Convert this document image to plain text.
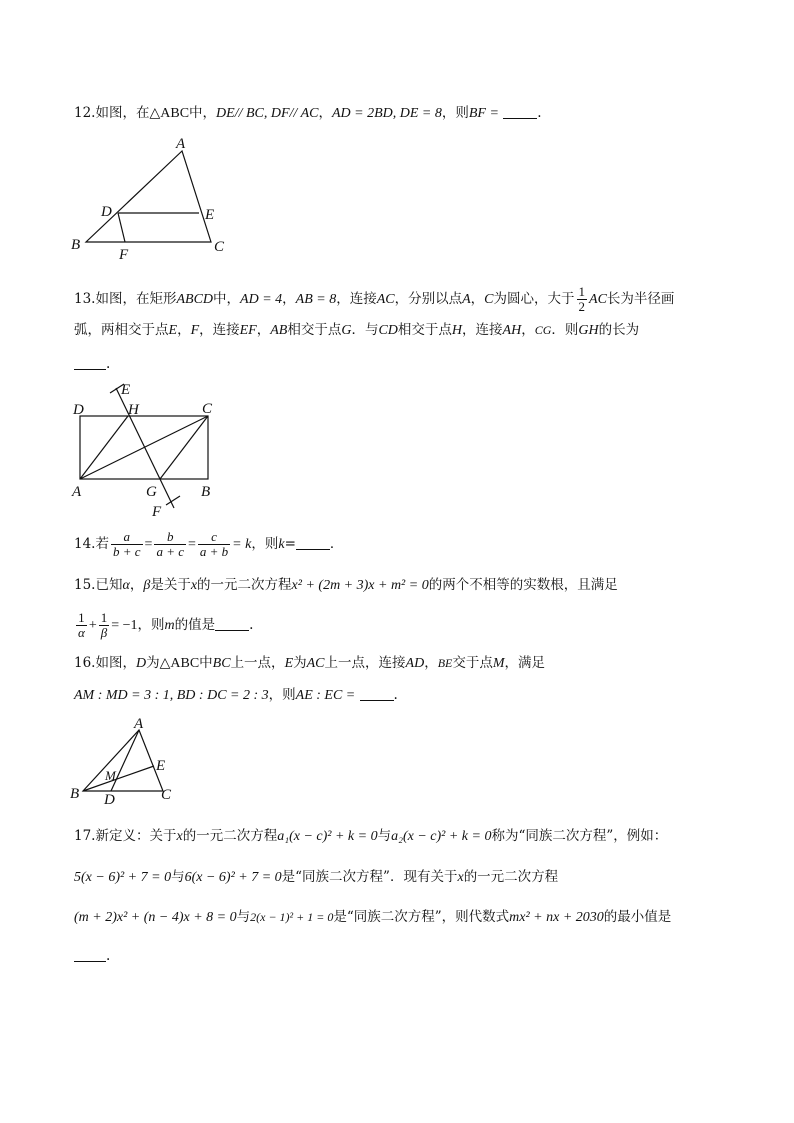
12.如图，在△ABC中，DE// BC, DF// AC，AD = 2BD, DE = 8，则BF =	.
A
B	C
D	E
F
13.如图，在矩形ABCD中，AD = 4，AB = 8，连接AC，分别以点A，C为圆心，大于 $\frac{1}{2}$ AC长为半径画
弧，两相交于点E，F，连接EF，AB相交于点G．与CD相交于点H，连接AH，CG．则GH的长为
.
E
D	H	C
A	G	B
F
14.若 $\frac{a}{b + c} = \frac{b}{a + c} = \frac{c}{a + b} = k$，则k=	．
15.已知α，β是关于x的一元二次方程x² + (2m + 3)x + m² = 0的两个不相等的实数根，且满足
$\frac{1}{\alpha} + \frac{1}{\beta} = -1$，则m的值是	.
16.如图，D为△ABC中BC上一点，E为AC上一点，连接AD，BE交于点M，满足
AM : MD = 3 : 1, BD : DC = 2 : 3，则AE : EC =	.
A
B	C
D
E
M
17.新定义：关于x的一元二次方程a₁(x − c)² + k = 0与a₂(x − c)² + k = 0称为“同族二次方程”，例如：
5(x − 6)² + 7 = 0与6(x − 6)² + 7 = 0是“同族二次方程”．现有关于x的一元二次方程
(m + 2)x² + (n − 4)x + 8 = 0与2(x − 1)² + 1 = 0是“同族二次方程”，则代数式mx² + nx + 2030的最小值是
.
